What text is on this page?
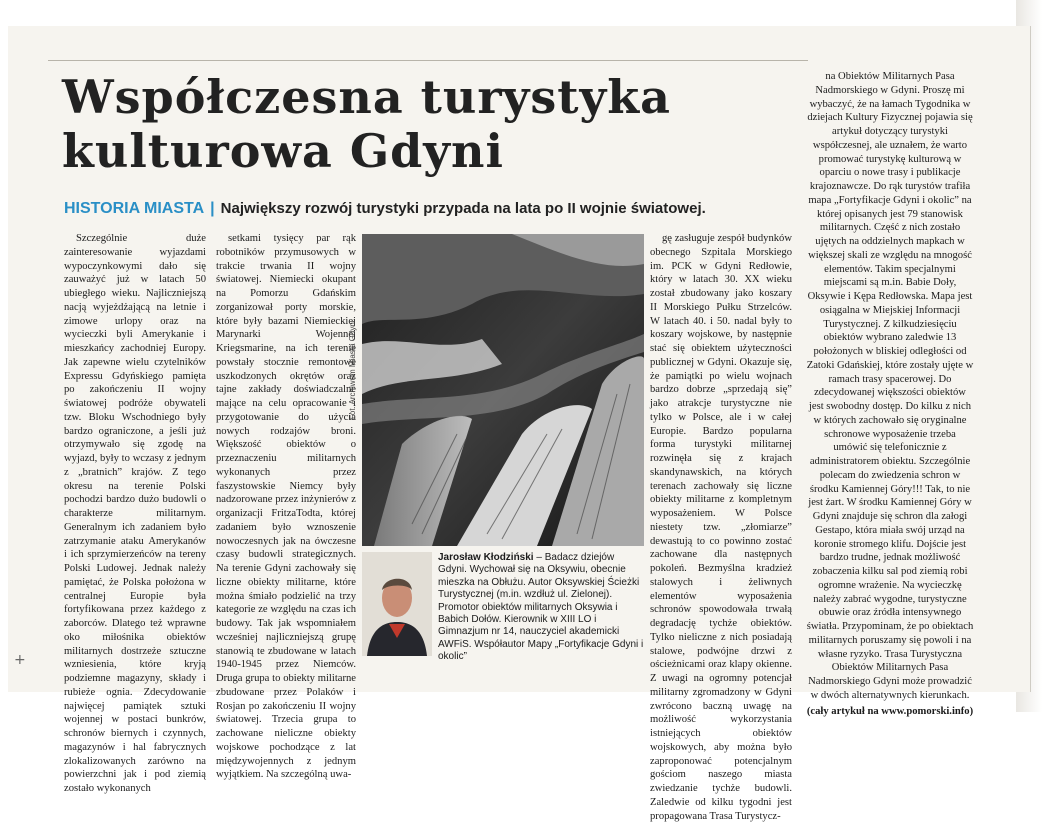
Współczesna turystyka kulturowa Gdyni
HISTORIA MIASTA | Największy rozwój turystyki przypada na lata po II wojnie światowej.

Szczególnie duże zainteresowanie wyjazdami wypoczynkowymi dało się zauważyć już w latach 50 ubiegłego wieku. Najliczniejszą nacją wyjeżdżającą na letnie i zimowe urlopy oraz na wycieczki byli Amerykanie i mieszkańcy zachodniej Europy. Jak zapewne wielu czytelników Expressu Gdyńskiego pamięta po zakończeniu II wojny światowej podróże obywateli tzw. Bloku Wschodniego były bardzo ograniczone, a jeśli już otrzymywało się zgodę na wyjazd, były to wczasy z jednym z „bratnich” krajów. Z tego okresu na terenie Polski pochodzi bardzo dużo budowli o charakterze militarnym. Generalnym ich zadaniem było zatrzymanie ataku Amerykanów i ich sprzymierzeńców na tereny Polski Ludowej. Jednak należy pamiętać, że Polska położona w centralnej Europie była fortyfikowana przez każdego z zaborców. Dlatego też wprawne oko miłośnika obiektów militarnych dostrzeże sztuczne wzniesienia, które kryją podziemne magazyny, składy i rubieże ognia. Zdecydowanie najwięcej pamiątek sztuki wojennej w postaci bunkrów, schronów biernych i czynnych, magazynów i hal fabrycznych zlokalizowanych zarówno na powierzchni jak i pod ziemią zostało wykonanych

setkami tysięcy par rąk robotników przymusowych w trakcie trwania II wojny światowej. Niemiecki okupant na Pomorzu Gdańskim zorganizował porty morskie, które były bazami Niemieckiej Marynarki Wojennej Kriegsmarine, na ich terenie powstały stocznie remontowe uszkodzonych okrętów oraz tajne zakłady doświadczalne mające na celu opracowanie i przygotowanie do użycia nowych rodzajów broni. Większość obiektów o przeznaczeniu militarnych wykonanych przez faszystowskie Niemcy były nadzorowane przez inżynierów z organizacji FritzaTodta, której zadaniem było wznoszenie nowoczesnych jak na ówczesne czasy budowli strategicznych. Na terenie Gdyni zachowały się liczne obiekty militarne, które można śmiało podzielić na trzy kategorie ze względu na czas ich budowy. Tak jak wspomniałem wcześniej najliczniejszą grupę stanowią te zbudowane w latach 1940-1945 przez Niemców. Druga grupa to obiekty militarne zbudowane przez Polaków i Rosjan po zakończeniu II wojny światowej. Trzecia grupa to zachowane nieliczne obiekty wojskowe pochodzące z lat międzywojennych z jednym wyjątkiem. Na szczególną uwa-

Fot. Archiwum Miasta Gdyni
Jarosław Kłodziński – Badacz dziejów Gdyni. Wychował się na Oksywiu, obecnie mieszka na Obłużu. Autor Oksywskiej Ścieżki Turystycznej (m.in. wzdłuż ul. Zielonej). Promotor obiektów militarnych Oksywia i Babich Dołów. Kierownik w XIII LO i Gimnazjum nr 14, nauczyciel akademicki AWFiS. Współautor Mapy „Fortyfikacje Gdyni i okolic”

gę zasługuje zespół budynków obecnego Szpitala Morskiego im. PCK w Gdyni Redłowie, który w latach 30. XX wieku został zbudowany jako koszary II Morskiego Pułku Strzelców. W latach 40. i 50. nadal były to koszary wojskowe, by następnie stać się obiektem użyteczności publicznej w Gdyni. Okazuje się, że pamiątki po wielu wojnach bardzo dobrze „sprzedają się” jako atrakcje turystyczne nie tylko w Polsce, ale i w całej Europie. Bardzo popularna forma turystyki militarnej rozwinęła się z krajach skandynawskich, na których terenach zachowały się liczne obiekty militarne z kompletnym wyposażeniem. W Polsce niestety tzw. „złomiarze” dewastują to co powinno zostać zachowane dla następnych pokoleń. Bezmyślna kradzież stalowych i żeliwnych elementów wyposażenia schronów spowodowała trwałą degradację tychże obiektów. Tylko nieliczne z nich posiadają stalowe, podwójne drzwi z ościeżnicami oraz klapy okienne. Z uwagi na ogromny potencjał militarny zgromadzony w Gdyni zwrócono baczną uwagę na możliwość wykorzystania istniejących obiektów wojskowych, aby można było zaproponować potencjalnym gościom naszego miasta zwiedzanie tychże budowli. Zaledwie od kilku tygodni jest propagowana Trasa Turystycz-

na Obiektów Militarnych Pasa Nadmorskiego w Gdyni. Proszę mi wybaczyć, że na łamach Tygodnika w dziejach Kultury Fizycznej pojawia się artykuł dotyczący turystyki współczesnej, ale uznałem, że warto promować turystykę kulturową w oparciu o nowe trasy i publikacje krajoznawcze. Do rąk turystów trafiła mapa „Fortyfikacje Gdyni i okolic” na której opisanych jest 79 stanowisk militarnych. Część z nich zostało ujętych na oddzielnych mapkach w większej skali ze względu na mnogość elementów. Takim specjalnymi miejscami są m.in. Babie Doły, Oksywie i Kępa Redłowska. Mapa jest osiągalna w Miejskiej Informacji Turystycznej. Z kilkudziesięciu obiektów wybrano zaledwie 13 położonych w bliskiej odległości od Zatoki Gdańskiej, które zostały ujęte w ramach trasy spacerowej. Do zdecydowanej większości obiektów jest swobodny dostęp. Do kilku z nich w których zachowało się oryginalne schronowe wyposażenie trzeba umówić się telefonicznie z administratorem obiektu. Szczególnie polecam do zwiedzenia schron w środku Kamiennej Góry!!! Tak, to nie jest żart. W środku Kamiennej Góry w Gdyni znajduje się schron dla załogi Gestapo, która miała swój urząd na koronie stromego klifu. Dojście jest bardzo trudne, jednak możliwość zobaczenia kilku sal pod ziemią robi ogromne wrażenie. Na wycieczkę należy zabrać wygodne, turystyczne obuwie oraz źródła intensywnego światła. Przypominam, że po obiektach militarnych poruszamy się powoli i na własne ryzyko. Trasa Turystyczna Obiektów Militarnych Pasa Nadmorskiego Gdyni może prowadzić w dwóch alternatywnych kierunkach.

(cały artykuł na www.pomorski.info)

+
